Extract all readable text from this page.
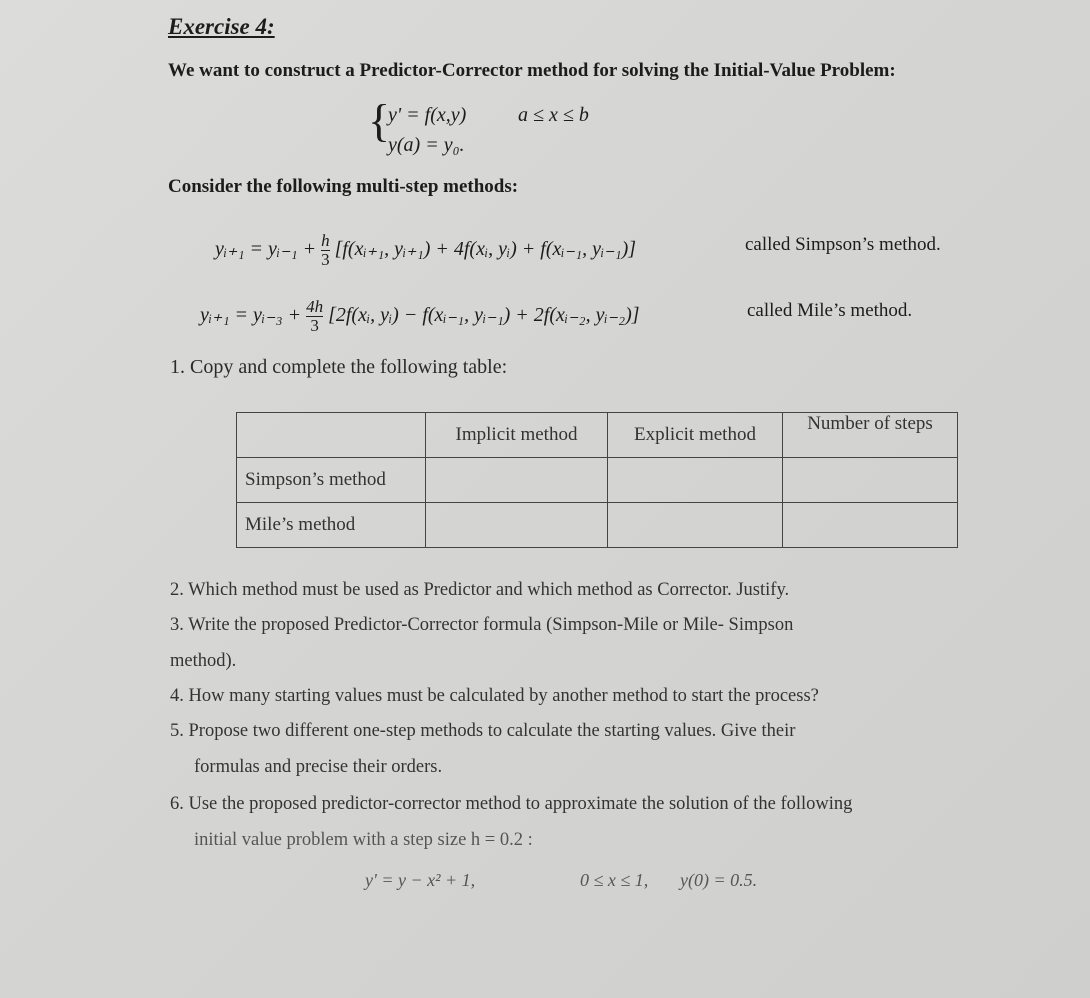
Exercise 4:
We want to construct a Predictor-Corrector method for solving the Initial-Value Problem:
{
y' = f(x,y)	a ≤ x ≤ b
y(a) = y₀.
Consider the following multi-step methods:
yᵢ₊₁ = yᵢ₋₁ + $\frac{h}{3}$ [f(xᵢ₊₁, yᵢ₊₁) + 4f(xᵢ, yᵢ) + f(xᵢ₋₁, yᵢ₋₁)]	called Simpson’s method.
yᵢ₊₁ = yᵢ₋₃ + $\frac{4h}{3}$ [2f(xᵢ, yᵢ) − f(xᵢ₋₁, yᵢ₋₁) + 2f(xᵢ₋₂, yᵢ₋₂)]	called Mile’s method.
1. Copy and complete the following table:
	Implicit method	Explicit method	Number of steps
Simpson’s method			
Mile’s method			
2. Which method must be used as Predictor and which method as Corrector. Justify.
3. Write the proposed Predictor-Corrector formula (Simpson-Mile or Mile- Simpson
method).
4. How many starting values must be calculated by another method to start the process?
5. Propose two different one-step methods to calculate the starting values. Give their
formulas and precise their orders.
6. Use the proposed predictor-corrector method to approximate the solution of the following
initial value problem with a step size h = 0.2 :
y' = y − x² + 1,	0 ≤ x ≤ 1, y(0) = 0.5.
